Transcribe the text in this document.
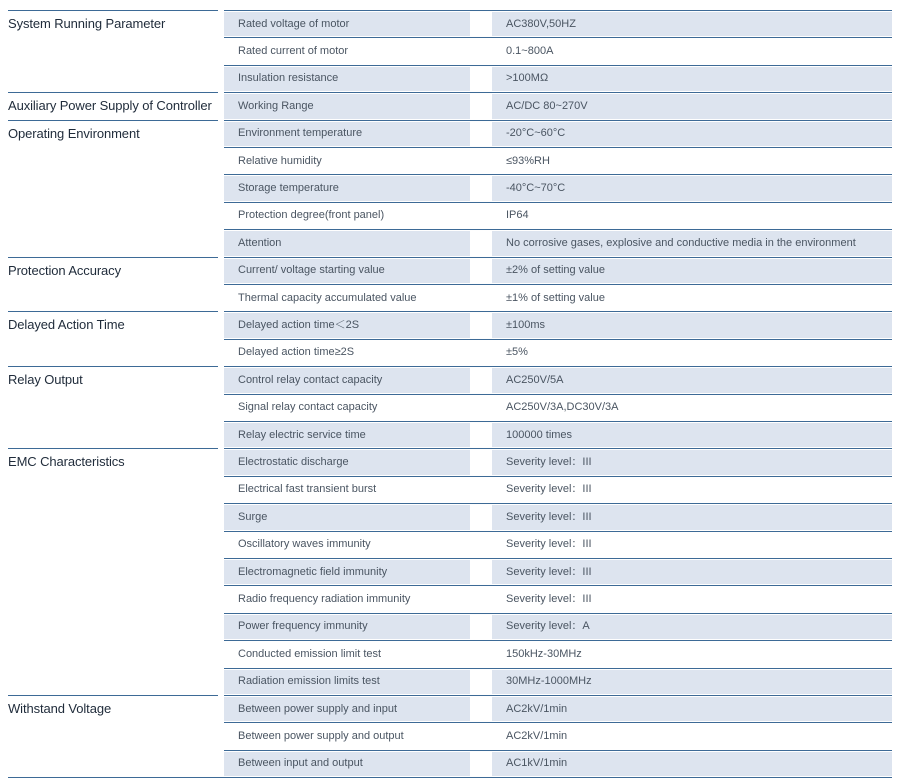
System Running Parameter	Rated voltage of motor	AC380V,50HZ
Rated current of motor	0.1~800A
Insulation resistance	>100MΩ
Auxiliary Power Supply of Controller	Working Range	AC/DC 80~270V
Operating Environment	Environment temperature	-20°C~60°C
Relative humidity	≤93%RH
Storage temperature	-40°C~70°C
Protection degree(front panel)	IP64
Attention	No corrosive gases, explosive and conductive media in the environment
Protection Accuracy	Current/ voltage starting value	±2% of setting value
Thermal capacity accumulated value	±1% of setting value
Delayed Action Time	Delayed action time＜2S	±100ms
Delayed action time≥2S	±5%
Relay Output	Control relay contact capacity	AC250V/5A
Signal relay contact capacity	AC250V/3A,DC30V/3A
Relay electric service time	100000 times
EMC Characteristics	Electrostatic discharge	Severity level：III
Electrical fast transient burst	Severity level：III
Surge	Severity level：III
Oscillatory waves immunity	Severity level：III
Electromagnetic field immunity	Severity level：III
Radio frequency radiation immunity	Severity level：III
Power frequency immunity	Severity level：A
Conducted emission limit test	150kHz-30MHz
Radiation emission limits test	30MHz-1000MHz
Withstand Voltage	Between power supply and input	AC2kV/1min
Between power supply and output	AC2kV/1min
Between input and output	AC1kV/1min
